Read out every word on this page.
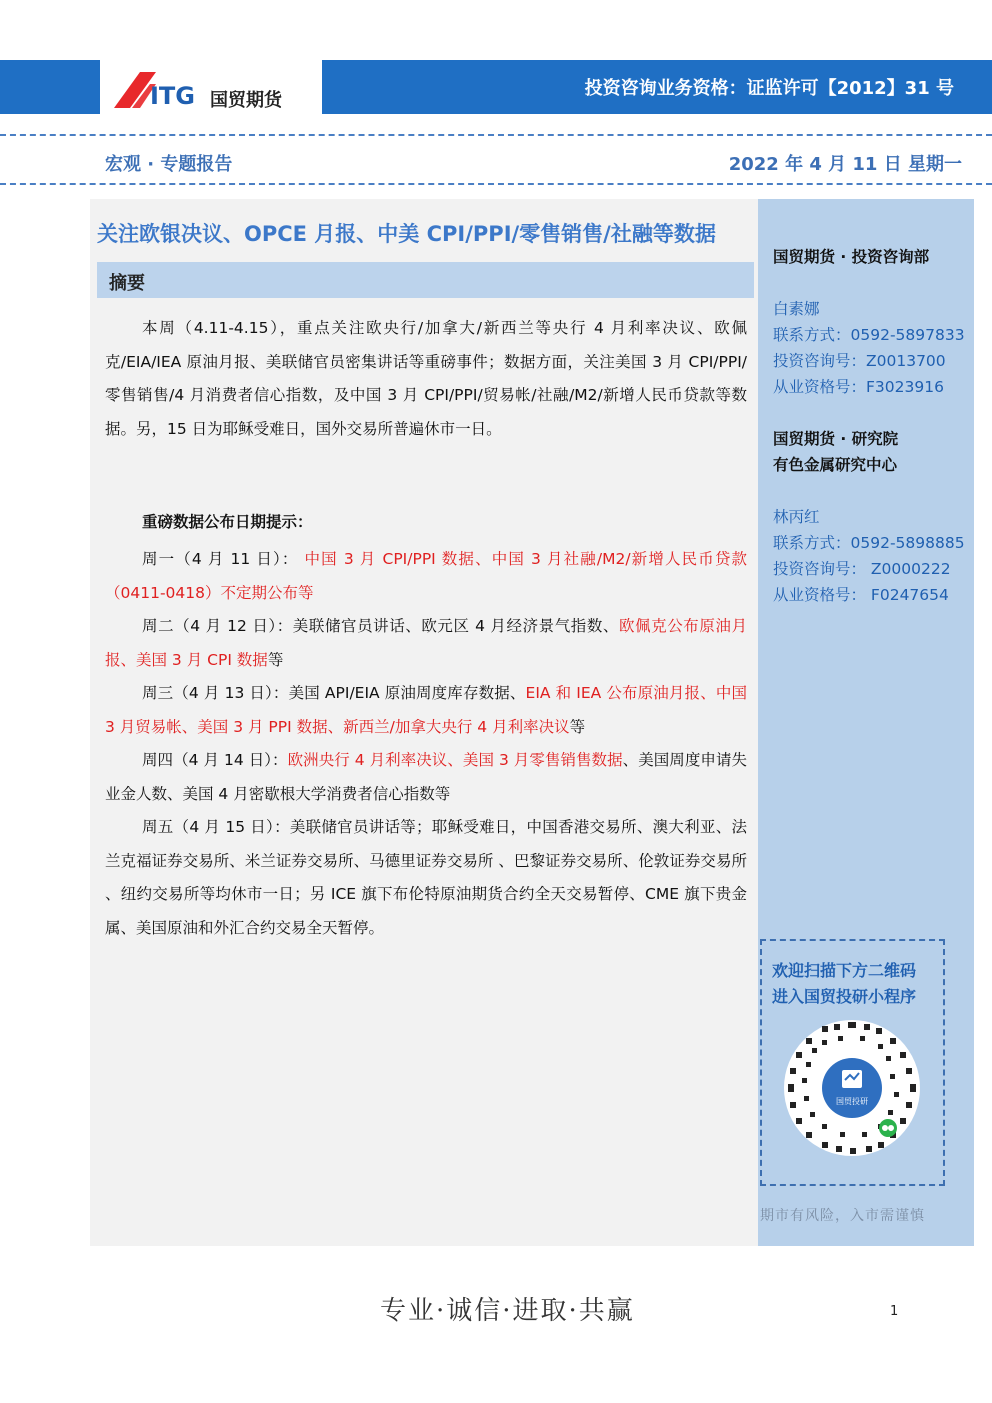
ITG 国贸期货
投资咨询业务资格：证监许可【2012】31 号
宏观 · 专题报告	2022 年 4 月 11 日 星期一
关注欧银决议、OPCE 月报、中美 CPI/PPI/零售销售/社融等数据
摘要

本周（4.11-4.15），重点关注欧央行/加拿大/新西兰等央行 4 月利率决议、欧佩克/EIA/IEA 原油月报、美联储官员密集讲话等重磅事件；数据方面，关注美国 3 月 CPI/PPI/零售销售/4 月消费者信心指数，及中国 3 月 CPI/PPI/贸易帐/社融/M2/新增人民币贷款等数据。另，15 日为耶稣受难日，国外交易所普遍休市一日。

重磅数据公布日期提示：

周一（4 月 11 日）： 中国 3 月 CPI/PPI 数据、中国 3 月社融/M2/新增人民币贷款（0411-0418）不定期公布等

周二（4 月 12 日）：美联储官员讲话、欧元区 4 月经济景气指数、欧佩克公布原油月报、美国 3 月 CPI 数据等

周三（4 月 13 日）：美国 API/EIA 原油周度库存数据、EIA 和 IEA 公布原油月报、中国 3 月贸易帐、美国 3 月 PPI 数据、新西兰/加拿大央行 4 月利率决议等

周四（4 月 14 日）：欧洲央行 4 月利率决议、美国 3 月零售销售数据、美国周度申请失业金人数、美国 4 月密歇根大学消费者信心指数等

周五（4 月 15 日）：美联储官员讲话等；耶稣受难日，中国香港交易所、澳大利亚、法兰克福证券交易所、米兰证券交易所、马德里证券交易所 、巴黎证券交易所、伦敦证券交易所 、纽约交易所等均休市一日；另 ICE 旗下布伦特原油期货合约全天交易暂停、CME 旗下贵金属、美国原油和外汇合约交易全天暂停。

国贸期货 · 投资咨询部
白素娜
联系方式：0592-5897833
投资咨询号：Z0013700
从业资格号：F3023916
国贸期货 · 研究院
有色金属研究中心
林丙红
联系方式：0592-5898885
投资咨询号： Z0000222
从业资格号： F0247654
欢迎扫描下方二维码
进入国贸投研小程序
国贸投研
期市有风险，入市需谨慎
专业·诚信·进取·共赢	1
